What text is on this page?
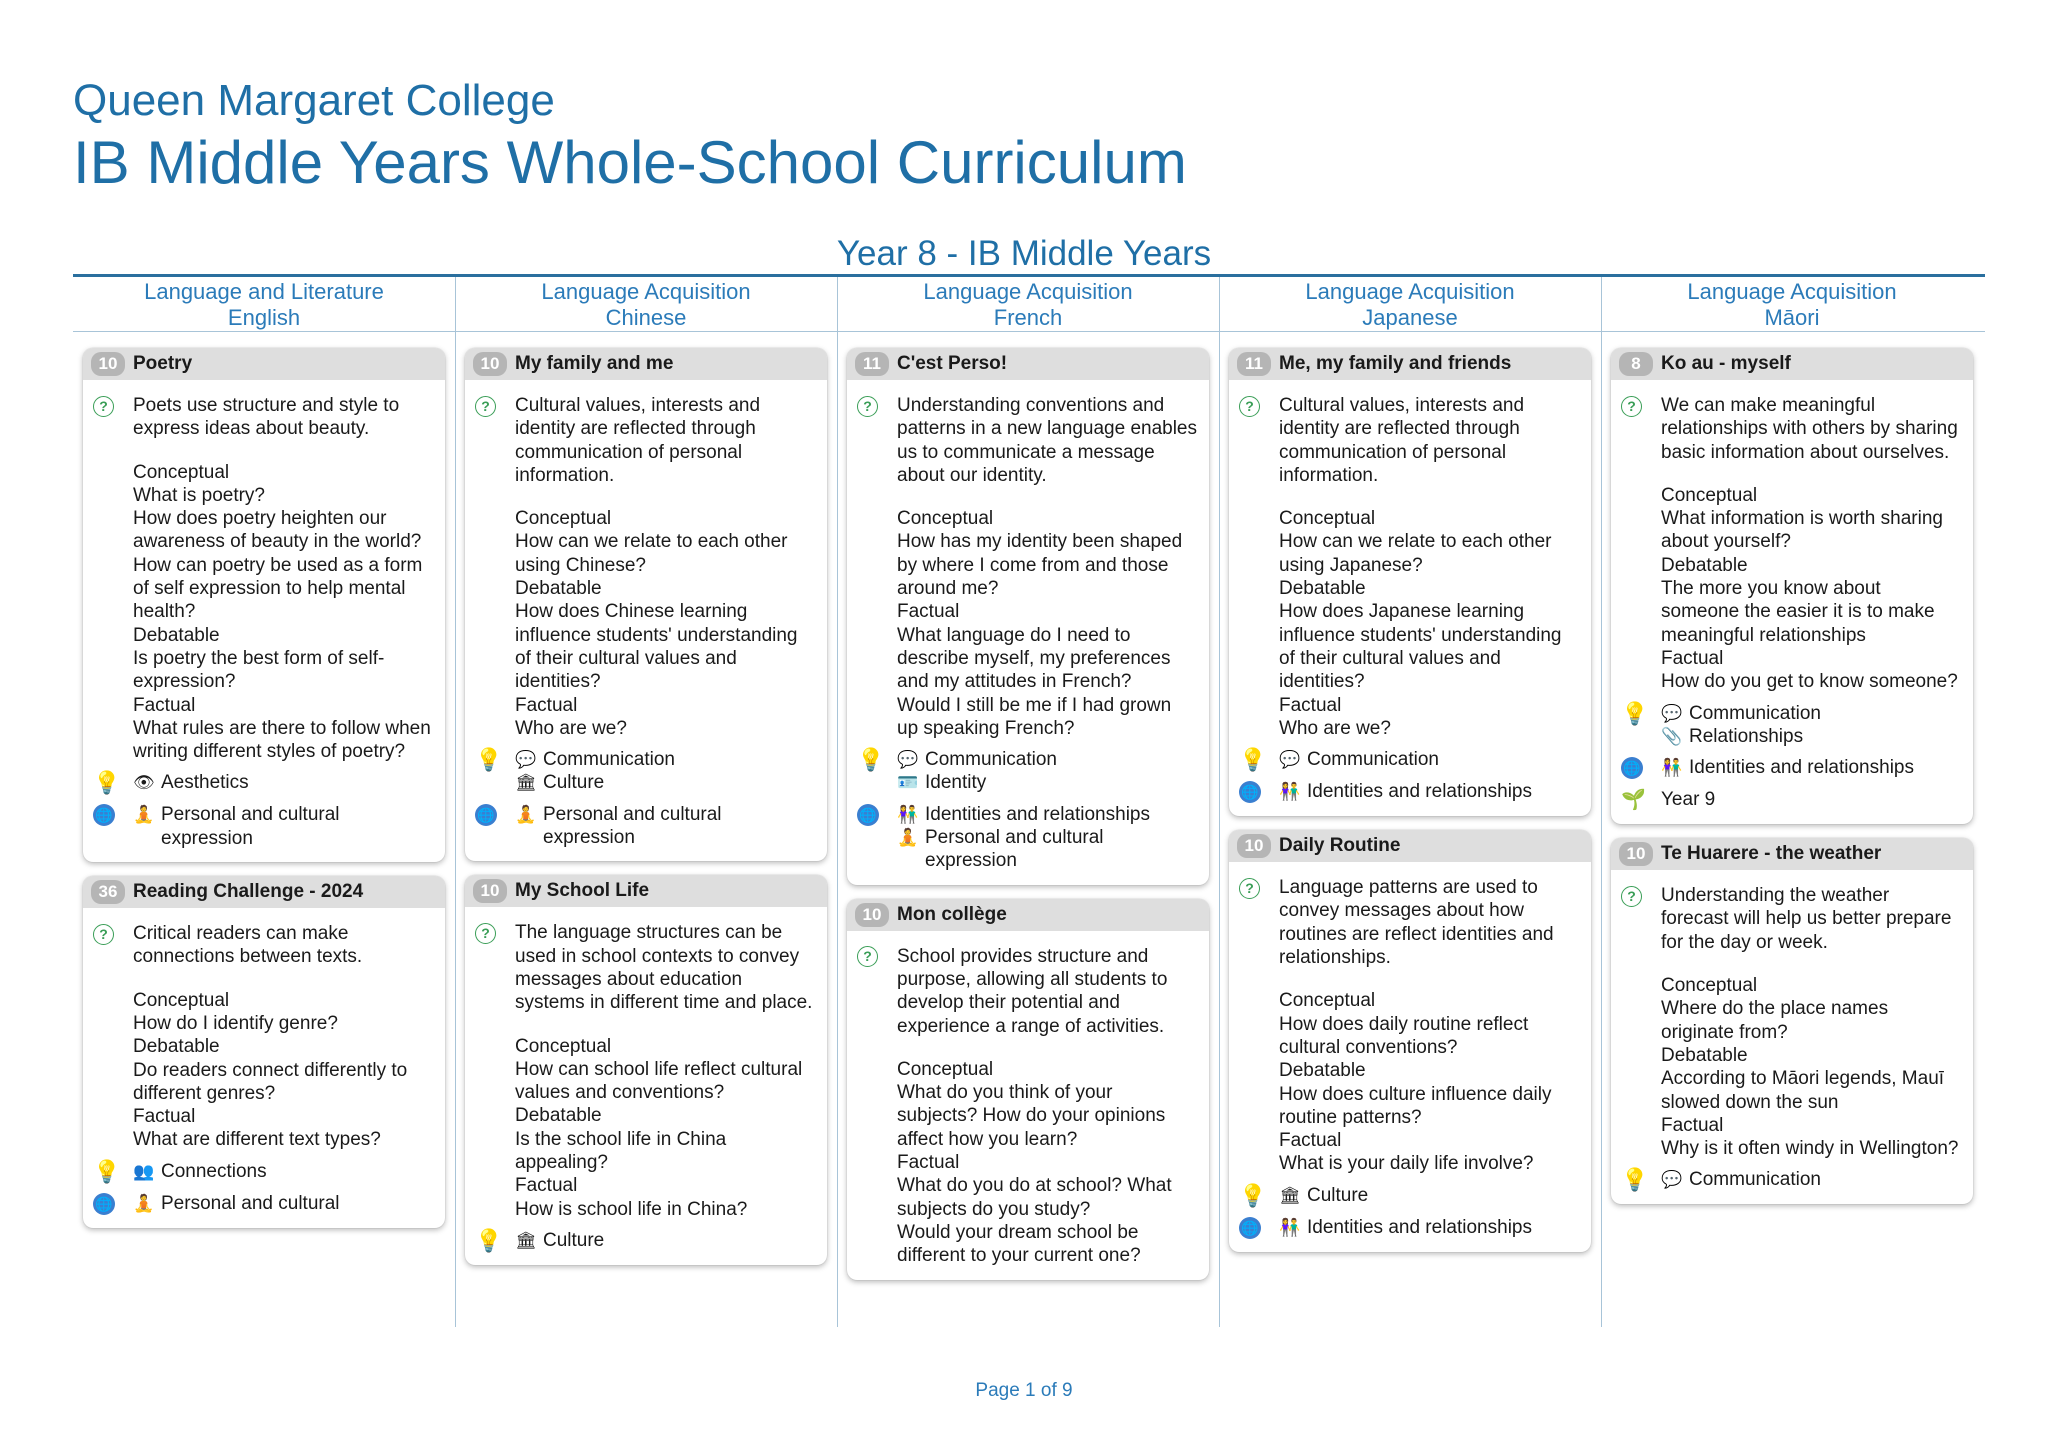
Queen Margaret College
IB Middle Years Whole-School Curriculum
Year 8 - IB Middle Years
Language and Literature
English
10 Poetry
?	Poets use structure and style to express ideas about beauty.

Conceptual

What is poetry?

How does poetry heighten our awareness of beauty in the world?

How can poetry be used as a form of self expression to help mental health?

Debatable

Is poetry the best form of self-expression?

Factual

What rules are there to follow when writing different styles of poetry?

💡 👁 Aesthetics
🌐 🧘 Personal and cultural expression
36 Reading Challenge - 2024
?	Critical readers can make connections between texts.

Conceptual

How do I identify genre?

Debatable

Do readers connect differently to different genres?

Factual

What are different text types?

💡 👥 Connections
🌐 🧘 Personal and cultural
Language Acquisition
Chinese
10 My family and me
?	Cultural values, interests and identity are reflected through communication of personal information.

Conceptual

How can we relate to each other using Chinese?

Debatable

How does Chinese learning influence students' understanding of their cultural values and identities?

Factual

Who are we?

💡 💬 Communication
🏛 Culture
🌐 🧘 Personal and cultural expression
10 My School Life
?	The language structures can be used in school contexts to convey messages about education systems in different time and place.

Conceptual

How can school life reflect cultural values and conventions?

Debatable

Is the school life in China appealing?

Factual

How is school life in China?

💡 🏛 Culture
Language Acquisition
French
11 C'est Perso!
?	Understanding conventions and patterns in a new language enables us to communicate a message about our identity.

Conceptual

How has my identity been shaped by where I come from and those around me?

Factual

What language do I need to describe myself, my preferences and my attitudes in French?

Would I still be me if I had grown up speaking French?

💡 💬 Communication
🪪 Identity
🌐 👫 Identities and relationships
🧘 Personal and cultural expression
10 Mon collège
?	School provides structure and purpose, allowing all students to develop their potential and experience a range of activities.

Conceptual

What do you think of your subjects? How do your opinions affect how you learn?

Factual

What do you do at school? What subjects do you study?

Would your dream school be different to your current one?

Language Acquisition
Japanese
11 Me, my family and friends
?	Cultural values, interests and identity are reflected through communication of personal information.

Conceptual

How can we relate to each other using Japanese?

Debatable

How does Japanese learning influence students' understanding of their cultural values and identities?

Factual

Who are we?

💡 💬 Communication
🌐 👫 Identities and relationships
10 Daily Routine
?	Language patterns are used to convey messages about how routines are reflect identities and relationships.

Conceptual

How does daily routine reflect cultural conventions?

Debatable

How does culture influence daily routine patterns?

Factual

What is your daily life involve?

💡 🏛 Culture
🌐 👫 Identities and relationships
Language Acquisition
Māori
8	Ko au - myself
?	We can make meaningful relationships with others by sharing basic information about ourselves.

Conceptual

What information is worth sharing about yourself?

Debatable

The more you know about someone the easier it is to make meaningful relationships

Factual

How do you get to know someone?

💡 💬 Communication
📎 Relationships
🌐 👫 Identities and relationships
🌱 Year 9
10 Te Huarere - the weather
?	Understanding the weather forecast will help us better prepare for the day or week.

Conceptual

Where do the place names originate from?

Debatable

According to Māori legends, Mauī slowed down the sun

Factual

Why is it often windy in Wellington?

💡 💬 Communication
Page 1 of 9
